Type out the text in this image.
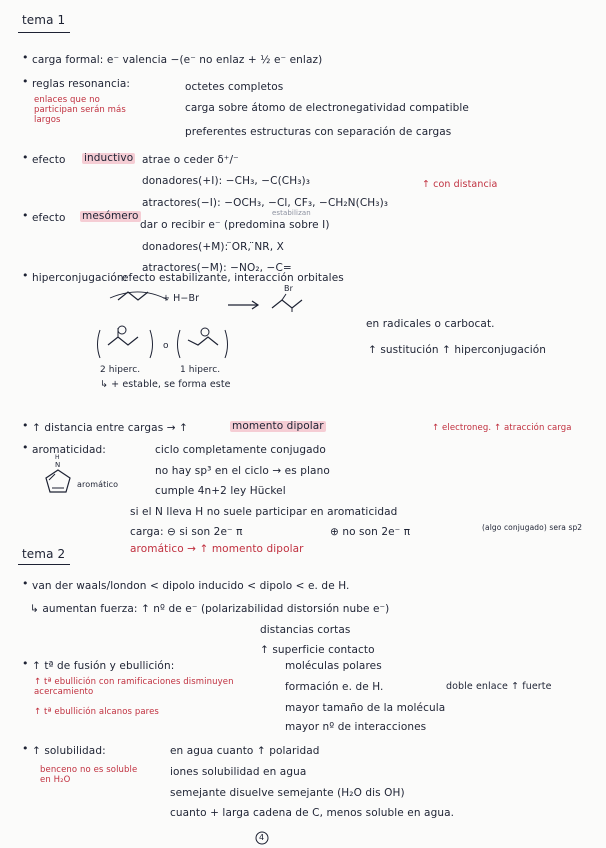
tema 1
• carga formal: e⁻ valencia −(e⁻ no enlaz + ½ e⁻ enlaz)
• reglas resonancia:	octetes completos
carga sobre átomo de electronegatividad compatible
preferentes estructuras con separación de cargas
enlaces que no participan serán más largos
• efecto inductivo atrae o ceder δ⁺/⁻
donadores(+I): −CH₃, −C(CH₃)₃	↑ con distancia
atractores(−I): −OCH₃, −Cl, CF₃, −CH₂N(CH₃)₃
estabilizan
• efecto mesómero
dar o recibir e⁻ (predomina sobre I)
donadores(+M): ̈OR, ̈NR, X
atractores(−M): −NO₂, −C=
• hiperconjugación:
efecto estabilizante, interacción orbitales
o
+ H−Br
Br
en radicales o carbocat.
↑ sustitución ↑ hiperconjugación
2 hiperc.	1 hiperc.
↳ + estable, se forma este
• ↑ distancia entre cargas → ↑	momento dipolar	↑ electroneg. ↑ atracción carga
• aromaticidad:	ciclo completamente conjugado
no hay sp³ en el ciclo → es plano
cumple 4n+2 ley Hückel
si el N lleva H no suele participar en aromaticidad
carga: ⊖ si son 2e⁻ π	⊕ no son 2e⁻ π	(algo conjugado) sera sp2
aromático → ↑ momento dipolar
N
H
aromático
tema 2
• van der waals/london < dipolo inducido < dipolo < e. de H.
↳ aumentan fuerza: ↑ nº de e⁻ (polarizabilidad distorsión nube e⁻)
distancias cortas
↑ superficie contacto
• ↑ tª de fusión y ebullición:	moléculas polares
formación e. de H.	doble enlace ↑ fuerte
mayor tamaño de la molécula
mayor nº de interacciones
↑ tª ebullición con ramificaciones disminuyen acercamiento
↑ tª ebullición alcanos pares
• ↑ solubilidad:	en agua cuanto ↑ polaridad
iones solubilidad en agua
semejante disuelve semejante (H₂O dis OH)
cuanto + larga cadena de C, menos soluble en agua.
benceno no es soluble en H₂O
4
